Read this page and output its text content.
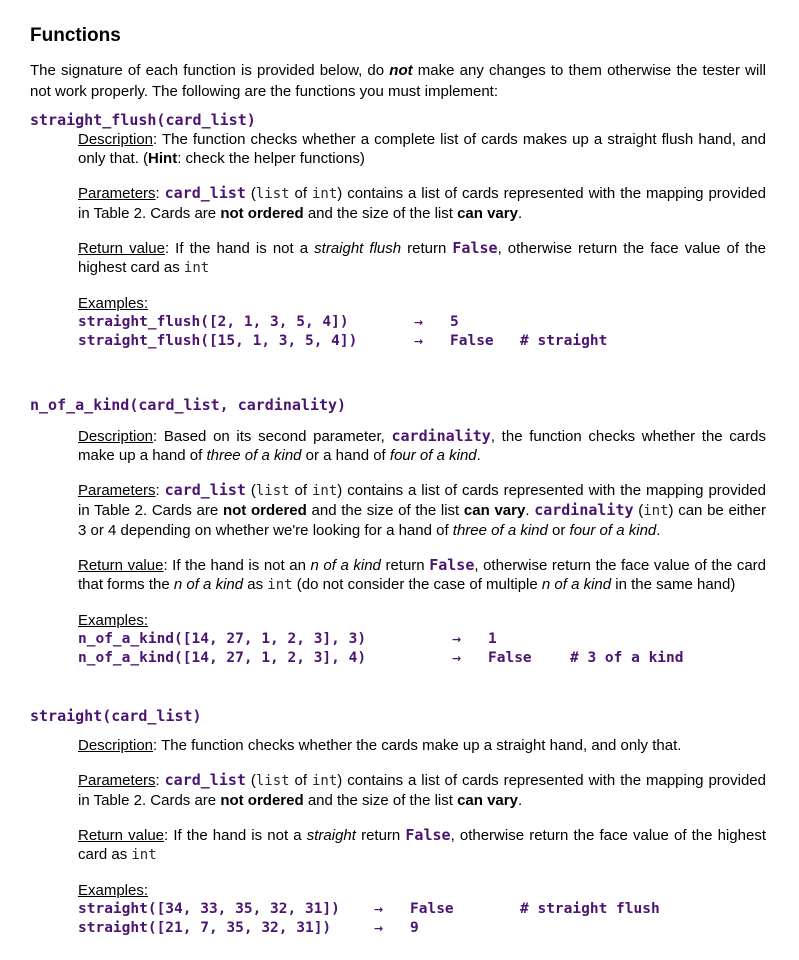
Functions

The signature of each function is provided below, do not make any changes to them otherwise the tester will not work properly. The following are the functions you must implement:

straight_flush(card_list)

Description: The function checks whether a complete list of cards makes up a straight flush hand, and only that. (Hint: check the helper functions)

Parameters: card_list (list of int) contains a list of cards represented with the mapping provided in Table 2. Cards are not ordered and the size of the list can vary.

Return value: If the hand is not a straight flush return False, otherwise return the face value of the highest card as int

Examples:
straight_flush([2, 1, 3, 5, 4])	→	5
straight_flush([15, 1, 3, 5, 4])	→	False	# straight
n_of_a_kind(card_list, cardinality)

Description: Based on its second parameter, cardinality, the function checks whether the cards make up a hand of three of a kind or a hand of four of a kind.

Parameters: card_list (list of int) contains a list of cards represented with the mapping provided in Table 2. Cards are not ordered and the size of the list can vary. cardinality (int) can be either 3 or 4 depending on whether we're looking for a hand of three of a kind or four of a kind.

Return value: If the hand is not an n of a kind return False, otherwise return the face value of the card that forms the n of a kind as int (do not consider the case of multiple n of a kind in the same hand)

Examples:
n_of_a_kind([14, 27, 1, 2, 3], 3)	→	1
n_of_a_kind([14, 27, 1, 2, 3], 4)	→	False	# 3 of a kind
straight(card_list)

Description: The function checks whether the cards make up a straight hand, and only that.

Parameters: card_list (list of int) contains a list of cards represented with the mapping provided in Table 2. Cards are not ordered and the size of the list can vary.

Return value: If the hand is not a straight return False, otherwise return the face value of the highest card as int

Examples:
straight([34, 33, 35, 32, 31])	→	False	# straight flush
straight([21, 7, 35, 32, 31])	→	9
